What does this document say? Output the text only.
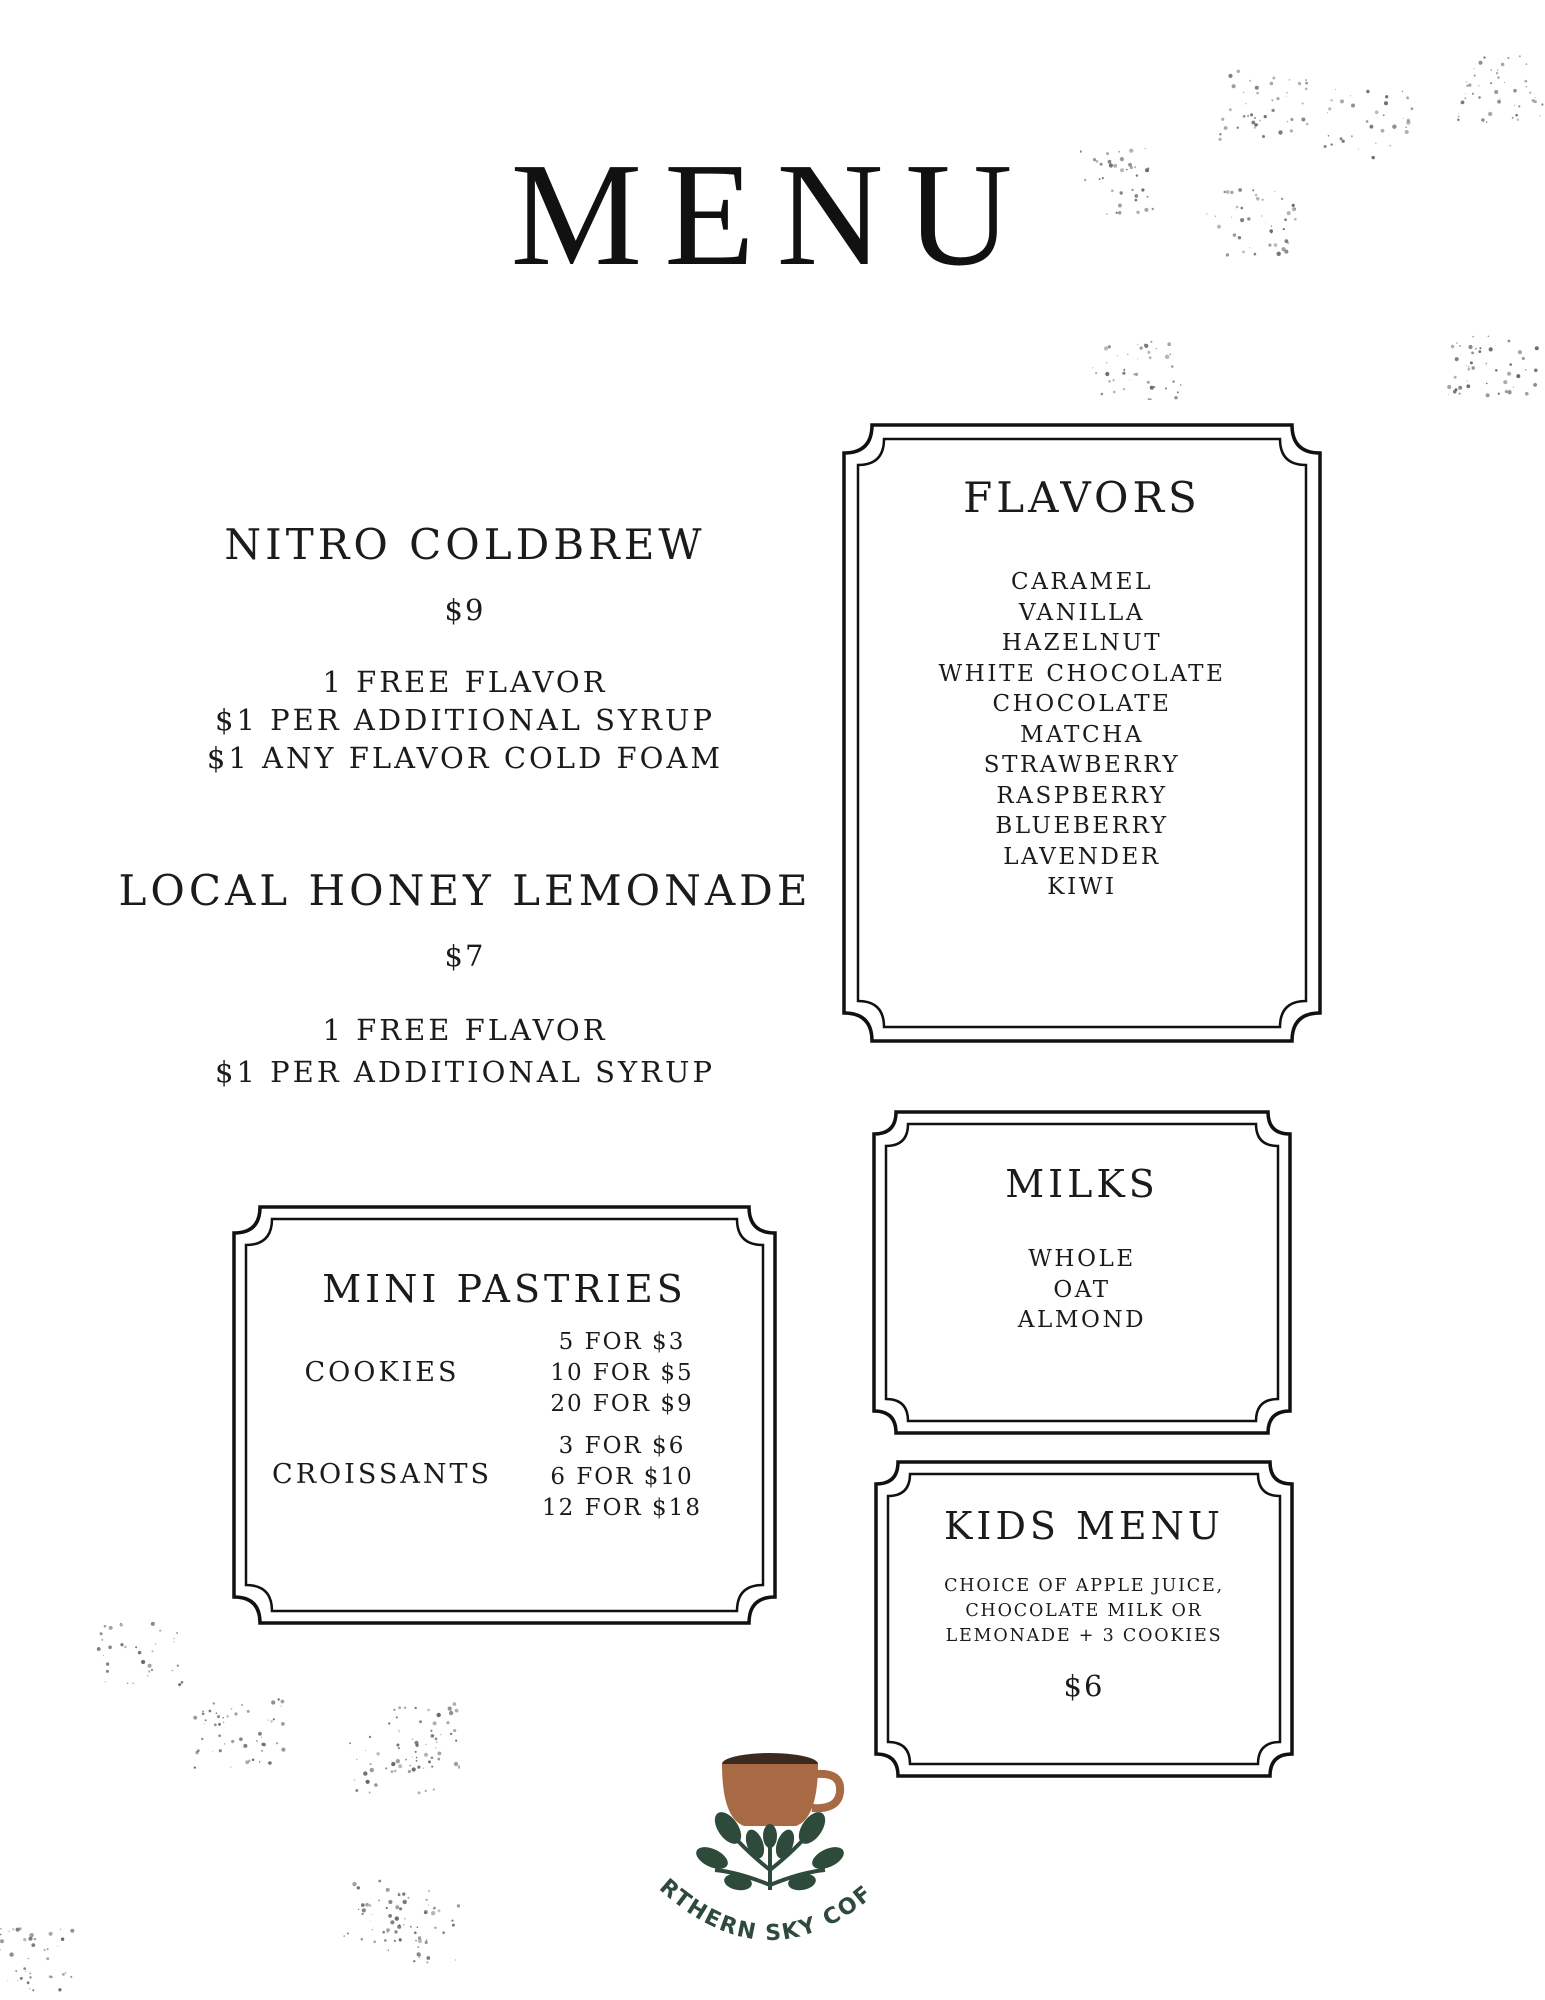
MENU
NITRO COLDBREW
$9
1 FREE FLAVOR
$1 PER ADDITIONAL SYRUP
$1 ANY FLAVOR COLD FOAM
LOCAL HONEY LEMONADE
$7
1 FREE FLAVOR
$1 PER ADDITIONAL SYRUP
FLAVORS
CARAMEL
VANILLA
HAZELNUT
WHITE CHOCOLATE
CHOCOLATE
MATCHA
STRAWBERRY
RASPBERRY
BLUEBERRY
LAVENDER
KIWI
MILKS
WHOLE
OAT
ALMOND
KIDS MENU
CHOICE OF APPLE JUICE,
CHOCOLATE MILK OR
LEMONADE + 3 COOKIES
$6
MINI PASTRIES
COOKIES
5 FOR $3
10 FOR $5
20 FOR $9
CROISSANTS
3 FOR $6
6 FOR $10
12 FOR $18
RTHERN SKY COF
